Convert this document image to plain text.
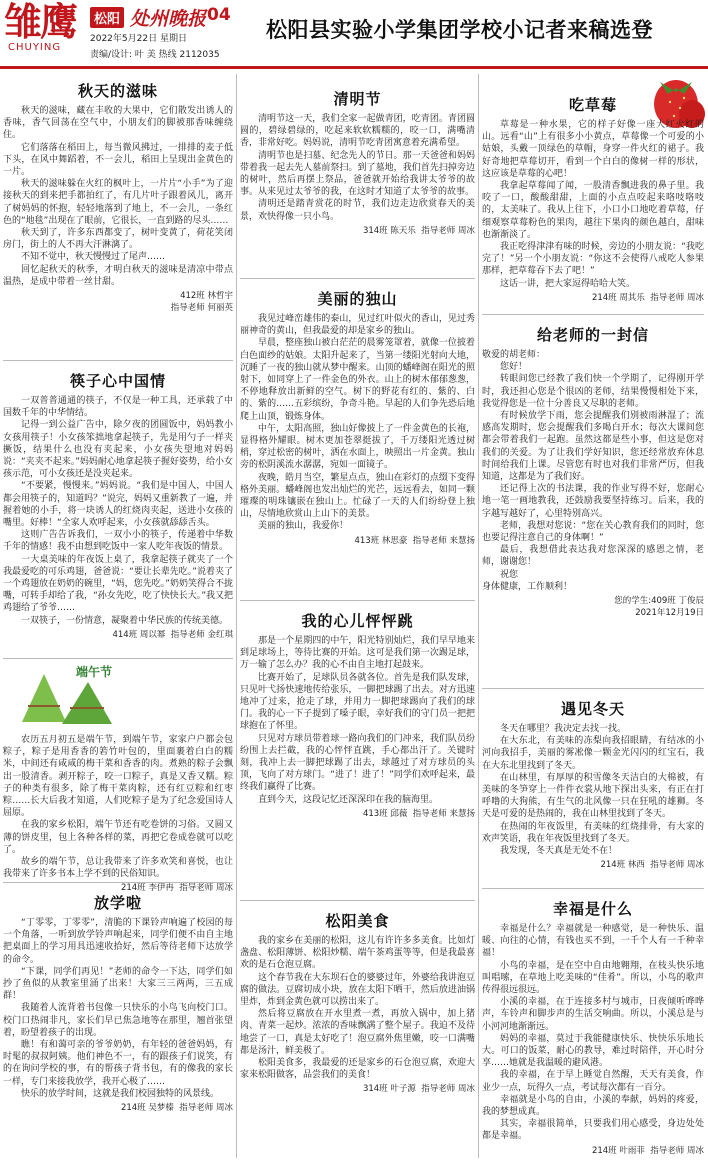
雏鹰
CHUYING
松阳 处州晚报 04
2022年5月22日 星期日
责编/设计: 叶 美 热线 2112035
松阳县实验小学集团学校小记者来稿选登
端午节
秋天的滋味

秋天的滋味，藏在丰收的大果中，它们散发出诱人的香味，香气回荡在空气中，小朋友们的脚被那香味缠绕住。

它们落落在稻田上，每当微风拂过，一排排的麦子低下头，在风中舞蹈着，不一会儿，稻田上呈现出金黄色的一片。

秋天的滋味躲在火红的枫叶上，一片片“小手”为了迎接秋天的到来把手都拍红了，有几片叶子跟着风儿，离开了树妈妈的怀抱，轻轻地落到了地上，不一会儿，一条红色的“地毯”出现在了眼前，它很长，一直到路的尽头……

秋天到了，许多东西都变了，树叶变黄了，荷花笑闭房门，街上的人不再大汗淋漓了。

不知不觉中，秋天慢慢过了尾声……

回忆起秋天的秋季，才明白秋天的滋味是清凉中带点温热，是成中带着一丝甘甜。

412班 林哲宇
指导老师 何丽英
筷子心中国情

一双普普通通的筷子，不仅是一种工具，还承载了中国数千年的中华情结。

记得一到公益广告中，除夕夜的团圆饭中，妈妈教小女孩用筷子！小女孩笨拙地拿起筷子，先是用勺子一样夹撅饭，结果什么也没有夹起来，小女孩失望地对妈妈说：“夹夹不起来。”妈妈耐心地拿起筷子握好姿势，给小女孩示范，可小女孩还是没夹起来。

“不要紧，慢慢来。”妈妈说。“我们是中国人，中国人都会用筷子的，知道吗？”说完，妈妈又重新教了一遍，并握着她的小手，将一块诱人的红烧肉夹起，送进小女孩的嘴里。好棒！“全家人欢呼起来，小女孩就舔舔舌头。

这则广告告诉我们，一双小小的筷子，传递着中华数千年的情感！我不由想到吃饭中一家人吃年夜饭的情景。

一大桌美味的年夜饭上桌了，我拿起筷子就夹了一个我最爱吃的可乐鸡翅，爸爸说：“要让长辈先吃。”说着夹了一个鸡翅放在奶奶的碗里，“妈，您先吃。”奶奶笑得合不拢嘴，可转手却给了我，“孙女先吃，吃了快快长大。”我又把鸡翅给了爷爷……

一双筷子，一份情意，凝聚着中华民族的传统美德。

414班 周以幂 指导老师 金红琪

农历五月初五是端午节，到端午节，家家户户都会包粽子，粽子是用香香的箬竹叶包的，里面裹着白白的糯米，中间还有咸咸的梅干菜和香香的肉。煮熟的粽子会飘出一股清香。剥开粽子，咬一口粽子，真是又香又糯。粽子的种类有很多，除了梅干菜肉粽，还有红豆粽和红枣粽……长大后我才知道，人们吃粽子是为了纪念爱国诗人屈原。

在我的家乡松阳，端午节还有吃卷饼的习俗。又圆又薄的饼皮里，包上各种各样的菜，再把它卷成卷就可以吃了。

故乡的端午节，总让我带来了许多欢笑和喜悦，也让我带来了许多书本上学不到的民俗知识。

214班 李伊冉 指导老师 周冰
放学啦

“丁零零，丁零零”，清脆的下课铃声响遍了校园的每一个角落，一听到放学铃声响起来，同学们便不由自主地把桌面上的学习用具迅速收拾好，然后等待老师下达放学的命令。

“下课，同学们再见！”老师的命令一下达，同学们如抄了鱼似的从教室里涌了出来！大家三三两两，三五成群！

我随着人流背着书包像一只快乐的小鸟飞向校门口。校门口热闹非凡，家长们早已焦急地等在那里，翘首张望着，盼望着孩子的出现。

瞧！有和蔼可亲的爷爷奶奶，有年轻的爸爸妈妈，有时髦的叔叔阿姨。他们神色不一，有的跟孩子们说笑，有的在询问学校的事，有的帮孩子背书包，有的像我的家长一样，专门来接我放学，我开心极了……

快乐的放学时间，这就是我们校园独特的风景线。

214班 吴梦榛 指导老师 周冰
清明节

清明节这一天，我们全家一起做青团，吃青团。青团圆圆的，碧绿碧绿的，吃起来软软糯糯的，咬一口，满嘴清香，非常好吃。妈妈说，清明节吃青团寓意着充满希望。

清明节也是扫墓、纪念先人的节日。那一天爸爸和妈妈带着我一起去先人墓前祭扫。到了墓地，我们首先扫掉旁边的树叶，然后再摆上祭品，爸爸就开始给我讲太爷爷的故事。从来见过太爷爷的我，在这时才知道了太爷爷的故事。

清明还是踏青赏花的时节，我们边走边欣赏春天的美景，欢快得像一只小鸟。

314班 陈天乐 指导老师 周冰
美丽的独山

我见过峰峦雄伟的泰山，见过红叶似火的香山，见过秀丽神奇的黄山，但我最爱的却是家乡的独山。

早晨，整座独山被白茫茫的晨雾笼罩着，就像一位披着白色面纱的姑娘。太阳升起来了，当第一缕阳光射向大地，沉睡了一夜的独山就从梦中醒来。山顶的蟠峰阁在阳光的照射下，如同穿上了一件金色的外衣。山上的树木郁郁葱葱，不停地释放出新鲜的空气。树下的野花有红的、紫的、白的、紫的……五彩缤纷，争奇斗艳。早起的人们争先恐后地爬上山顶，锻炼身体。

中午，太阳高照，独山好像披上了一件金黄色的长袍，显得格外耀眼。树木更加苍翠挺拔了，千万缕阳光透过树梢，穿过松密的树叶，洒在水面上，映照出一片金黄。独山旁的松阴溪流水潺潺，宛如一面镜子。

夜晚，皓月当空，繁星点点，独山在彩灯的点缀下变得格外美丽。蟠峰阁也发出灿烂的光芒，远远看去，如同一颗璀璨的明珠镶嵌在独山上。忙碌了一天的人们纷纷登上独山，尽情地欣赏山上山下的美景。

美丽的独山，我爱你！

413班 林思豪 指导老师 来慧扬
我的心儿怦怦跳

那是一个星期四的中午，阳光特别灿烂，我们早早地来到足球场上，等待比赛的开始。这可是我们第一次踢足球，万一输了怎么办？我的心不由自主地打起鼓来。

比赛开始了，足球队员各就各位。首先是我们队发球，只见叶弋扬快速地传给张乐，一脚把球踢了出去。对方迅速地冲了过来，抢走了球，并用力一脚把球踢向了我们的球门。我的心一下子提到了嗓子眼，幸好我们的守门员一把把球抱在了怀里。

只见对方球员带着球一路向我们的门冲来，我们队员纷纷围上去拦截，我的心怦怦直跳，手心都出汗了。关键时刻，我冲上去一脚把球踢了出去，球越过了对方球员的头顶，飞向了对方球门。“进了！进了！”同学们欢呼起来，最终我们赢得了比赛。

直到今天，这段记忆还深深印在我的脑海里。

413班 邱薇 指导老师 来慧扬
松阳美食

我的家乡在美丽的松阳，这儿有许许多多美食。比如灯盏盘、松阳薄饼、松阳炒糯、端午茶鸡蛋等等，但是我最喜欢的是石仓泡豆腐。

这个春节我在大东坝石仓的婆婆过年，外婆给我讲泡豆腐的做法。豆腐切成小块，放在太阳下晒干，然后放进油锅里炸，炸到金黄色就可以捞出来了。

然后将豆腐放在开水里煮一煮，再放入锅中，加上猪肉、青菜一起炒。浓浓的香味飘满了整个屋子。我迫不及待地尝了一口，真是太好吃了！泡豆腐外焦里嫩，咬一口满嘴都是汤汁，鲜美极了。

松阳美食多，我最爱的还是家乡的石仓泡豆腐，欢迎大家来松阳做客，品尝我们的美食！

314班 叶子源 指导老师 周冰
吃草莓

草莓是一种水果，它的样子好像一座大红火红的山。远看“山”上有很多小小黄点，草莓像一个可爱的小姑娘，头戴一顶绿色的草帽，身穿一件火红的裙子。我好奇地把草莓切开，看到一个白白的像树一样的形状，这应该是草莓的心吧！

我拿起草莓闻了闻，一股清香飘进我的鼻子里。我咬了一口，酸酸甜甜，上面的小点点咬起来咯吱咯吱的，太美味了。我从上往下，小口小口地吃着草莓，仔细观察草莓粉色的果肉，越往下果肉的颜色越白，甜味也渐渐淡了。

我正吃得津津有味的时候，旁边的小朋友说：“我吃完了！”另一个小朋友说：“你这不会使得八戒吃人参果那样，把草莓吞下去了吧！”

这话一讲，把大家逗得哈哈大笑。

214班 周其乐 指导老师 周冰
给老师的一封信

敬爱的胡老师：

您好！

转眼间您已经教了我们快一个学期了，记得刚开学时，我还担心您是个很凶的老师，结果慢慢相处下来，我觉得您是一位十分善良又尽职的老师。

有时候放学下雨，您会提醒我们别被雨淋湿了；流感高发期时，您会提醒我们多喝白开水；每次大课间您都会带着我们一起跑。虽然这都是些小事，但这是您对我们的关爱。为了让我们学好知识，您还经常放弃休息时间给我们上课。尽管您有时也对我们非常严厉，但我知道，这都是为了我们好。

还记得上次的书法课，我的作业写得不好，您耐心地一笔一画地教我，还鼓励我要坚持练习。后来，我的字越写越好了，心里特别高兴。

老师，我想对您说：“您在关心教育我们的同时，您也要记得注意自己的身体啊！”

最后，我想借此表达我对您深深的感恩之情，老师，谢谢您！

祝您

身体健康，工作顺利！

您的学生:409班 丁俊辰
2021年12月19日
遇见冬天

冬天在哪里？我决定去找一找。

在大东北，有美味的冻梨向我招眼睛，有结冰的小河向我招手，美丽的雾凇像一颗金光闪闪的红宝石，我在大东北里找到了冬天。

在山林里，有厚厚的积雪像冬天洁白的大棉被，有美味的冬笋穿上一件件衣裳从地下探出头来，有正在打呼噜的大狗熊，有生气的北风像一只在狂吼的雄狮。冬天是可爱的是热闹的，我在山林里找到了冬天。

在热闹的年夜饭里，有美味的红烧排骨，有大家的欢声笑语，我在年夜饭里找到了冬天。

我发现，冬天真是无处不在！

214班 林西 指导老师 周冰
幸福是什么

幸福是什么？幸福就是一种感觉，是一种快乐、温暖、向往的心情，有钱也买不到，一千个人有一千种幸福！

小鸟的幸福，是在空中自由地翱翔，在枝头快乐地叫唱嗦，在草地上吃美味的“佳肴”。所以，小鸟的歌声传得很远很远。

小溪的幸福，在于连接多村与城市，日夜倾听哗哗声，车铃声和脚步声的生活交响曲。所以，小溪总是与小河河地渐渐远。

妈妈的幸福，莫过于我能健康快乐、快快乐乐地长大。可口的饭菜，耐心的教导，难过时陪伴，开心时分享……她就是我温暖的避风港。

我的幸福，在于早上睡觉自然醒，天天有美食，作业少一点，玩得久一点，考试每次都有一百分。

幸福就是小鸟的自由，小溪的奉献，妈妈的疼爱，我的梦想成真。

其实，幸福很简单，只要我们用心感受，身边处处都是幸福。

214班 叶雨菲 指导老师 周冰
